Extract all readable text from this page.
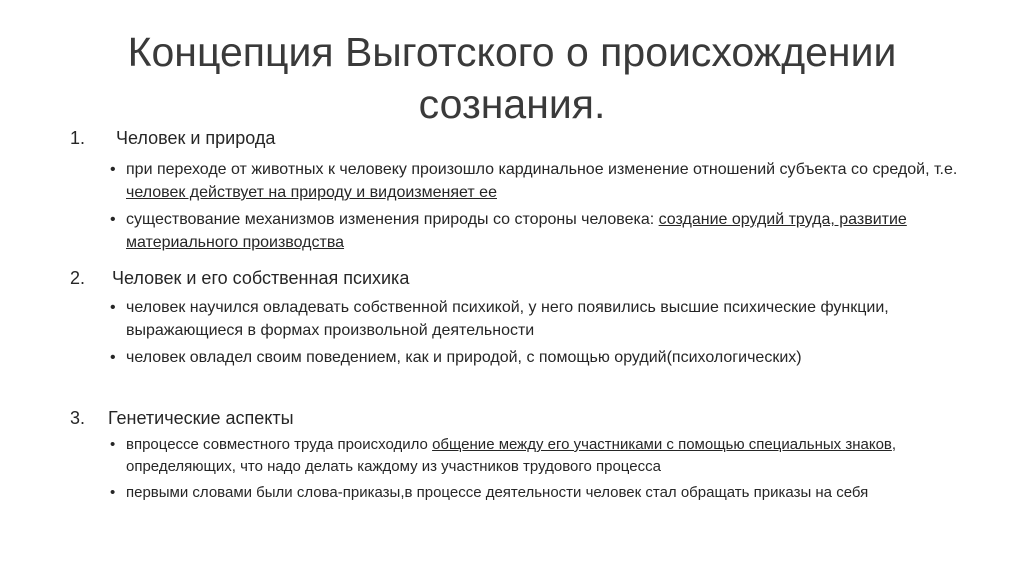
Концепция Выготского о происхождении сознания.
1. Человек и природа
• при переходе от животных к человеку произошло кардинальное изменение отношений субъекта со средой, т.е. человек действует на природу и видоизменяет ее
• существование механизмов изменения природы со стороны человека: создание орудий труда, развитие материального производства
2. Человек и его собственная психика
• человек научился овладевать собственной психикой, у него появились высшие психические функции, выражающиеся в формах произвольной деятельности
• человек овладел своим поведением, как и природой, с помощью орудий(психологических)
3. Генетические аспекты
• впроцессе совместного труда происходило общение между его участниками с помощью специальных знаков, определяющих, что надо делать каждому из участников трудового процесса
• первыми словами были слова-приказы,в процессе деятельности человек стал обращать приказы на себя
